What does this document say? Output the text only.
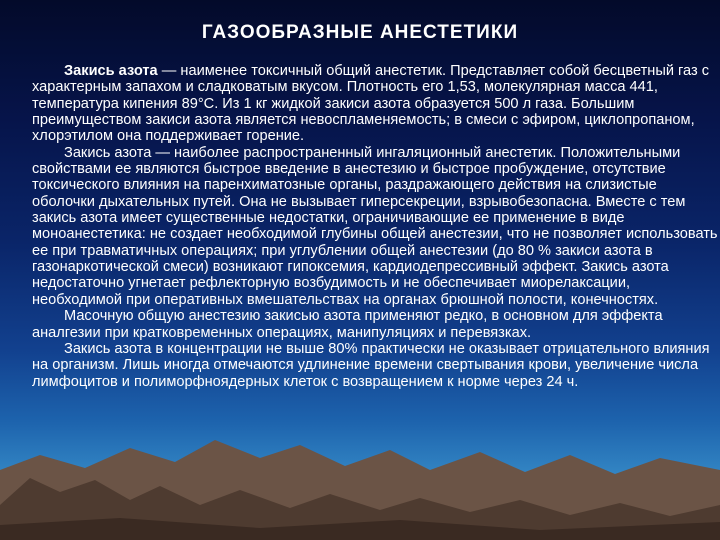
ГАЗООБРАЗНЫЕ АНЕСТЕТИКИ

Закись азота — наименее токсичный общий анестетик. Представляет собой бесцветный газ с характерным запахом и сладковатым вкусом. Плотность его 1,53, молекулярная масса 441, температура кипения 89°С. Из 1 кг жидкой закиси азота образуется 500 л газа. Большим преимуществом закиси азота является невоспламеняемость; в смеси с эфиром, циклопропаном, хлорэтилом она поддерживает горение.

Закись азота — наиболее распространенный ингаляционный анестетик. Положительными свойствами ее являются быстрое введение в анестезию и быстрое пробуждение, отсутствие токсического влияния на паренхиматозные органы, раздражающего действия на слизистые оболочки дыхательных путей. Она не вызывает гиперсекреции, взрывобезопасна. Вместе с тем закись азота имеет существенные недостатки, ограничивающие ее применение в виде моноанестетика: не создает необходимой глубины общей анестезии, что не позволяет использовать ее при травматичных операциях; при углублении общей анестезии (до 80 % закиси азота в газонаркотической смеси) возникают гипоксемия, кардиодепрессивный эффект. Закись азота недостаточно угнетает рефлекторную возбудимость и не обеспечивает миорелаксации, необходимой при оперативных вмешательствах на органах брюшной полости, конечностях.

Масочную общую анестезию закисью азота применяют редко, в основном для эффекта аналгезии при кратковременных операциях, манипуляциях и перевязках.

Закись азота в концентрации не выше 80% практически не оказывает отрицательного влияния на организм. Лишь иногда отмечаются удлинение времени свертывания крови, увеличение числа лимфоцитов и полиморфноядерных клеток с возвращением к норме через 24 ч.
